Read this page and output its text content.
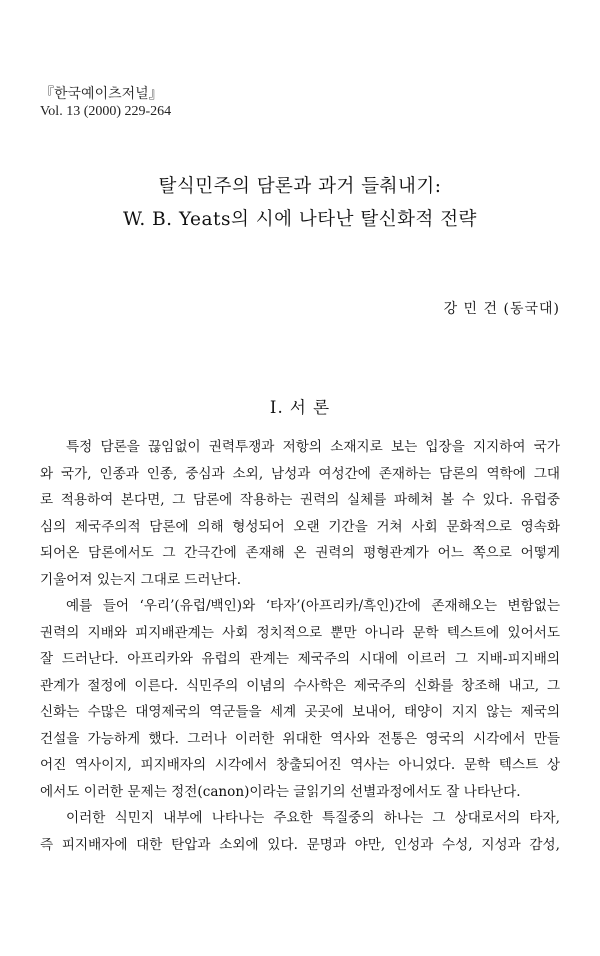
『한국예이츠저널』
Vol. 13 (2000) 229-264
탈식민주의 담론과 과거 들춰내기:
W. B. Yeats의 시에 나타난 탈신화적 전략
강 민 건 (동국대)
I. 서 론
특정 담론을 끊임없이 권력투쟁과 저항의 소재지로 보는 입장을 지지하여 국가
와 국가, 인종과 인종, 중심과 소외, 남성과 여성간에 존재하는 담론의 역학에 그대
로 적용하여 본다면, 그 담론에 작용하는 권력의 실체를 파헤쳐 볼 수 있다. 유럽중
심의 제국주의적 담론에 의해 형성되어 오랜 기간을 거쳐 사회 문화적으로 영속화
되어온 담론에서도 그 간극간에 존재해 온 권력의 평형관계가 어느 쪽으로 어떻게
기울어져 있는지 그대로 드러난다.
예를 들어 ‘우리’(유럽/백인)와 ‘타자’(아프리카/흑인)간에 존재해오는 변함없는
권력의 지배와 피지배관계는 사회 정치적으로 뿐만 아니라 문학 텍스트에 있어서도
잘 드러난다. 아프리카와 유럽의 관계는 제국주의 시대에 이르러 그 지배-피지배의
관계가 절정에 이른다. 식민주의 이념의 수사학은 제국주의 신화를 창조해 내고, 그
신화는 수많은 대영제국의 역군들을 세계 곳곳에 보내어, 태양이 지지 않는 제국의
건설을 가능하게 했다. 그러나 이러한 위대한 역사와 전통은 영국의 시각에서 만들
어진 역사이지, 피지배자의 시각에서 창출되어진 역사는 아니었다. 문학 텍스트 상
에서도 이러한 문제는 정전(canon)이라는 글읽기의 선별과정에서도 잘 나타난다.
이러한 식민지 내부에 나타나는 주요한 특질중의 하나는 그 상대로서의 타자,
즉 피지배자에 대한 탄압과 소외에 있다. 문명과 야만, 인성과 수성, 지성과 감성,
